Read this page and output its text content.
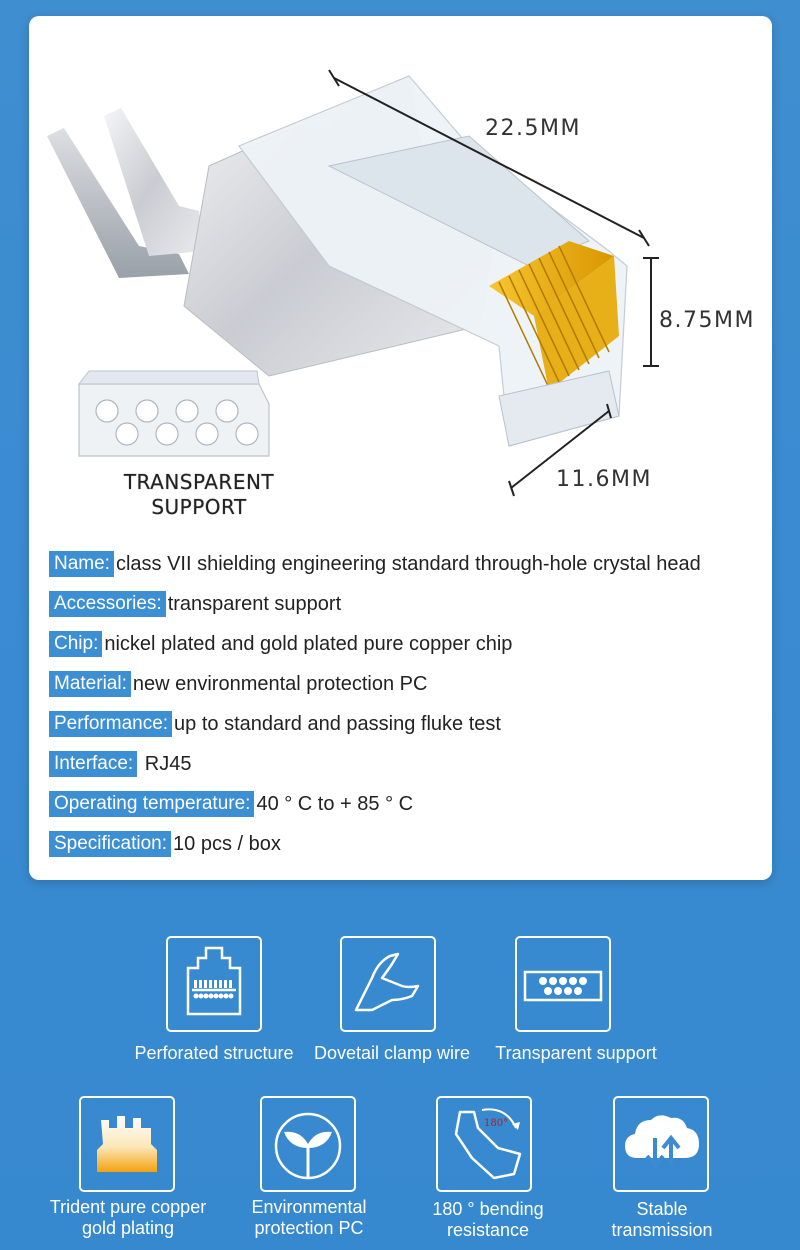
22.5MM
8.75MM
11.6MM
TRANSPARENT
SUPPORT
Name: class VII shielding engineering standard through-hole crystal head
Accessories: transparent support
Chip: nickel plated and gold plated pure copper chip
Material: new environmental protection PC
Performance: up to standard and passing fluke test
Interface: RJ45
Operating temperature: 40 ° C to + 85 ° C
Specification: 10 pcs / box
Perforated structure Dovetail clamp wire Transparent support
Trident pure copper
gold plating
Environmental
protection PC
180°
180 ° bending
resistance
Stable
transmission
